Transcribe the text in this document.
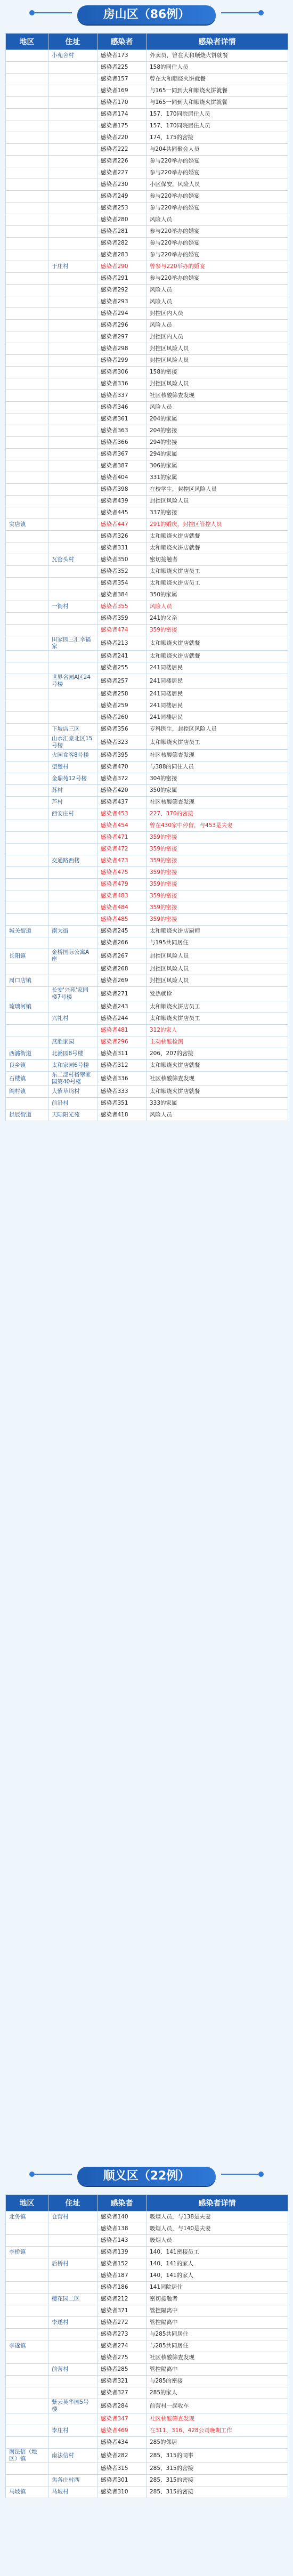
房山区（86例）
地区	住址	感染者	感染者详情
	小苑舍村	感染者173	外卖员，曾在大和顺烧火饼就餐
		感染者225	158的同住人员
		感染者157	曾在大和顺烧火饼就餐
		感染者169	与165一同到大和顺烧火饼就餐
		感染者170	与165一同到大和顺烧火饼就餐
		感染者174	157、170同院居住人员
		感染者175	157、170同院居住人员
		感染者220	174、175的密接
		感染者222	与204共同聚会人员
		感染者226	参与220举办的婚宴
		感染者227	参与220举办的婚宴
		感染者230	小区保安，风险人员
		感染者249	参与220举办的婚宴
		感染者253	参与220举办的婚宴
		感染者280	风险人员
		感染者281	参与220举办的婚宴
		感染者282	参与220举办的婚宴
		感染者283	参与220举办的婚宴
	于庄村	感染者290	曾参与220举办的婚宴
		感染者291	参与220举办的婚宴
		感染者292	风险人员
		感染者293	风险人员
		感染者294	封控区内人员
		感染者296	风险人员
		感染者297	封控区内人员
		感染者298	封控区风险人员
		感染者299	封控区风险人员
		感染者306	158的密接
		感染者336	封控区风险人员
		感染者337	社区核酸筛查发现
		感染者346	风险人员
		感染者361	204的家属
		感染者363	204的密接
		感染者366	294的密接
		感染者367	294的家属
		感染者387	306的家属
		感染者404	331的家属
		感染者398	在校学生，封控区风险人员
		感染者439	封控区风险人员
		感染者445	337的密接
窦店镇		感染者447	291的婚庆，封控区管控人员
		感染者326	太和顺烧火饼店就餐
		感染者331	太和顺烧火饼店就餐
	瓦窑头村	感染者350	密切接触者
		感染者352	太和顺烧火饼店员工
		感染者354	太和顺烧火饼店员工
		感染者384	350的家属
	一街村	感染者355	风险人员
		感染者359	241的父亲
		感染者474	359的密接
	田家园三汇幸福家	感染者213	太和顺烧火饼店就餐
		感染者241	太和顺烧火饼店就餐
		感染者255	241同楼居民
	世界名园A区24号楼	感染者257	241同楼居民
		感染者258	241同楼居民
		感染者259	241同楼居民
		感染者260	241同楼居民
	下坡店三区	感染者356	专科医生，封控区风险人员
	山水汇豪北区15号楼	感染者323	太和顺烧火饼店员工
	火园食客8号楼	感染者395	社区核酸筛查发现
	望楚村	感染者470	与388的同住人员
	金鼎苑12号楼	感染者372	304的密接
	苏村	感染者420	350的家属
	芦村	感染者437	社区核酸筛查发现
	西安庄村	感染者453	227、370的密接
		感染者454	曾在430家中停留，与453是夫妻
		感染者471	359的密接
		感染者472	359的密接
	交通路西楼	感染者473	359的密接
		感染者475	359的密接
		感染者479	359的密接
		感染者483	359的密接
		感染者484	359的密接
		感染者485	359的密接
城关街道	南大街	感染者245	太和顺烧火饼店厨师
		感染者266	与195共同居住
长阳镇	金桥国际公寓A座	感染者267	封控区风险人员
		感染者268	封控区风险人员
周口店镇		感染者269	封控区风险人员
	长安'兴苑'家园楼7号楼	感染者271	发热就诊
琉璃河镇		感染者243	太和顺烧火饼店员工
	兴礼村	感染者244	太和顺烧火饼店员工
		感染者481	312的家人
	燕胜家园	感染者296	主动核酸检测
西潞街道	北潞园8号楼	感染者311	206、207的密接
良乡镇	太和家园6号楼	感染者312	太和顺烧火饼店就餐
石楼镇	东二部村格翠家园第40号楼	感染者336	社区核酸筛查发现
阎村镇	大紫草坞村	感染者333	太和顺烧火饼店就餐
	前沿村	感染者351	333的家属
拱辰街道	天际阳光苑	感染者418	风险人员
顺义区（22例）
地区	住址	感染者	感染者详情
北务镇	仓营村	感染者140	吸烟人员，与138是夫妻
		感染者138	吸烟人员，与140是夫妻
		感染者143	吸烟人员
李桥镇		感染者139	140、141密接员工
	后桥村	感染者152	140、141的家人
		感染者187	140、141的家人
		感染者186	141同院居住
	樱花园二区	感染者212	密切接触者
		感染者371	管控隔离中
	李遂村	感染者272	管控隔离中
		感染者273	与285共同居住
李遂镇		感染者274	与285共同居住
		感染者275	社区核酸筛查发现
	前营村	感染者285	管控隔离中
		感染者321	与285的密接
		感染者327	285的家人
	紫云英华园5号楼	感染者284	前营村一起收车
		感染者347	社区核酸筛查发现
	李庄村	感染者469	在311、316、428公司晚期工作
		感染者434	285的邻居
南法信（地区）镇	南法信村	感染者282	285、315的同事
		感染者315	285、315的密接
	焦各庄村西	感染者301	285、315的密接
马坡镇	马坡村	感染者310	285、315的密接
